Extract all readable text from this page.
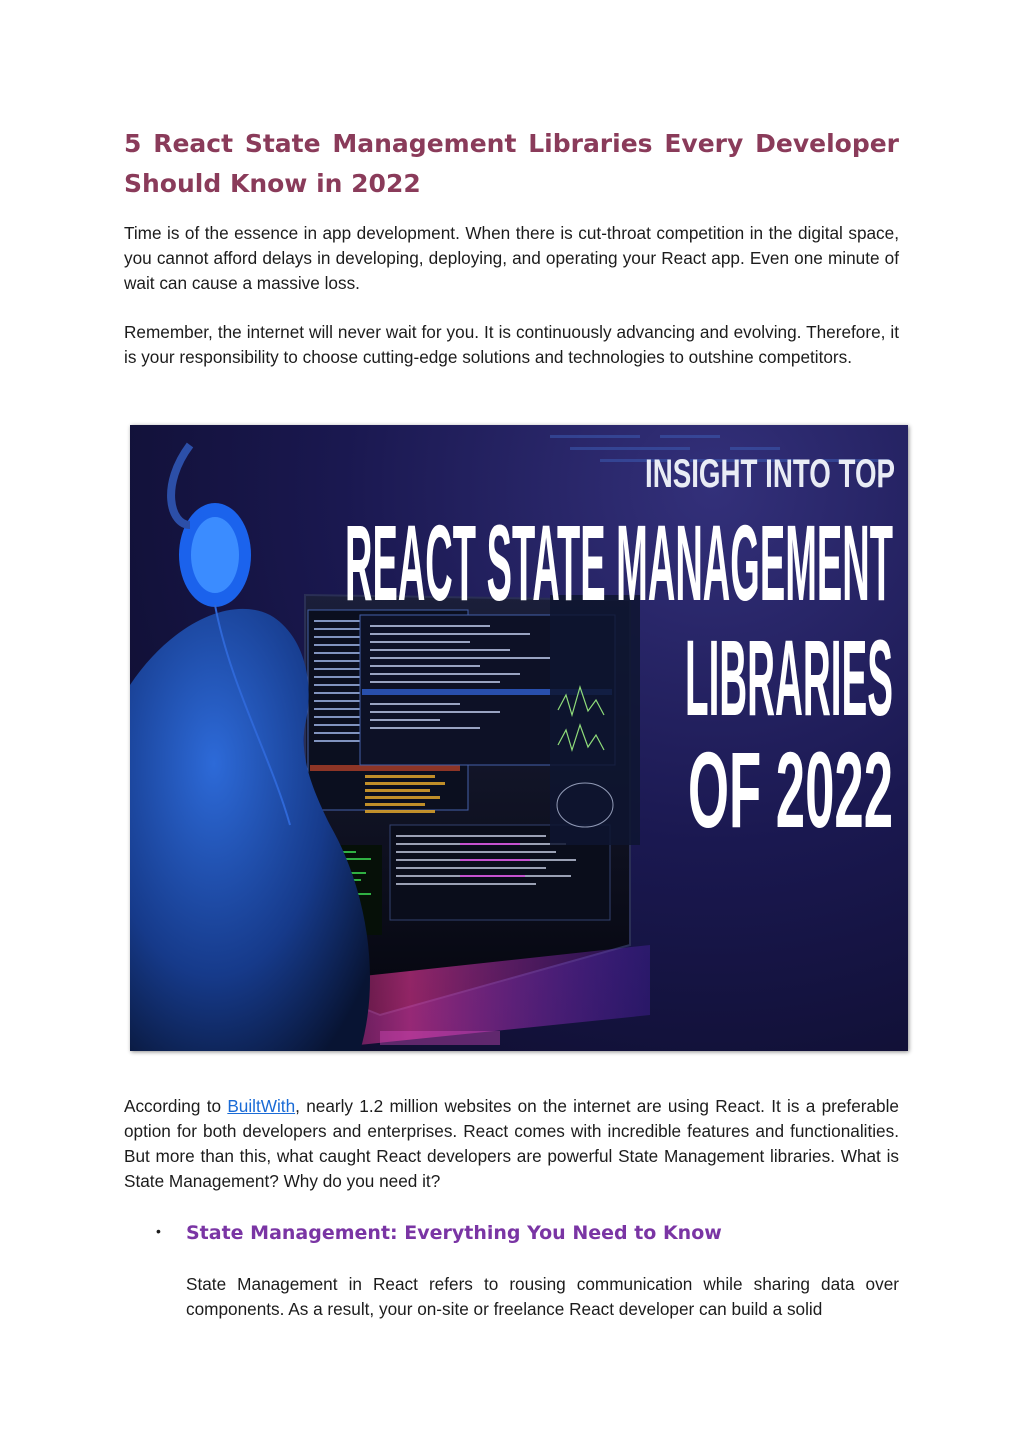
5 React State Management Libraries Every Developer Should Know in 2022

Time is of the essence in app development. When there is cut-throat competition in the digital space, you cannot afford delays in developing, deploying, and operating your React app. Even one minute of wait can cause a massive loss.

Remember, the internet will never wait for you. It is continuously advancing and evolving. Therefore, it is your responsibility to choose cutting-edge solutions and technologies to outshine competitors.

INSIGHT INTO TOP
REACT STATE MANAGEMENT
LIBRARIES
OF 2022

According to BuiltWith, nearly 1.2 million websites on the internet are using React. It is a preferable option for both developers and enterprises. React comes with incredible features and functionalities. But more than this, what caught React developers are powerful State Management libraries. What is State Management? Why do you need it?

• State Management: Everything You Need to Know

State Management in React refers to rousing communication while sharing data over components. As a result, your on-site or freelance React developer can build a solid
